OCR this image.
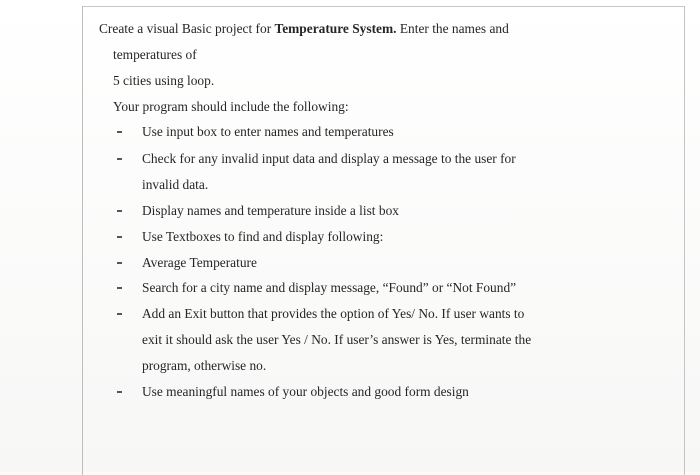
Create a visual Basic project for Temperature System. Enter the names and

temperatures of

5 cities using loop.

Your program should include the following:

Use input box to enter names and temperatures

Check for any invalid input data and display a message to the user for

invalid data.

Display names and temperature inside a list box

Use Textboxes to find and display following:

Average Temperature

Search for a city name and display message, “Found” or “Not Found”

Add an Exit button that provides the option of Yes/ No. If user wants to

exit it should ask the user Yes / No. If user’s answer is Yes, terminate the

program, otherwise no.

Use meaningful names of your objects and good form design
